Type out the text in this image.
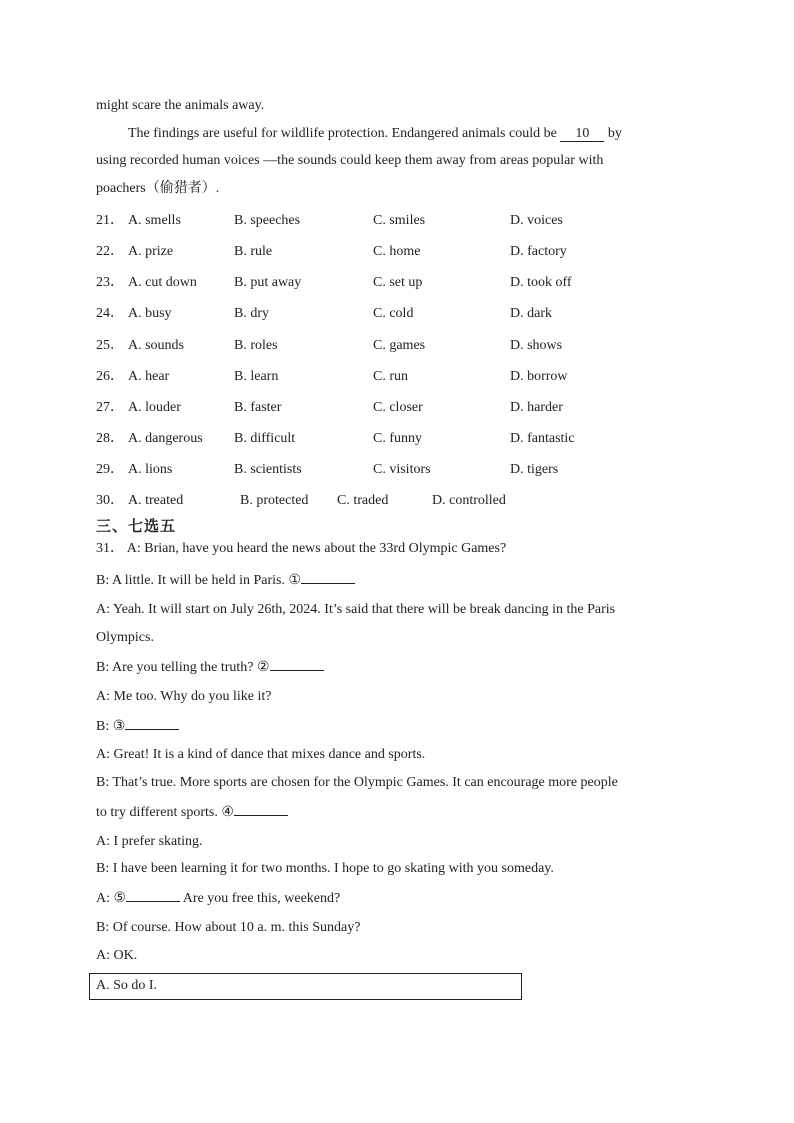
might scare the animals away.
The findings are useful for wildlife protection. Endangered animals could be 10 by
using recorded human voices —the sounds could keep them away from areas popular with
poachers（偷猎者）.
21． A. smells	B. speeches	C. smiles	D. voices
22． A. prize	B. rule	C. home	D. factory
23． A. cut down	B. put away	C. set up	D. took off
24． A. busy	B. dry	C. cold	D. dark
25． A. sounds	B. roles	C. games	D. shows
26． A. hear	B. learn	C. run	D. borrow
27． A. louder	B. faster	C. closer	D. harder
28． A. dangerous B. difficult	C. funny	D. fantastic
29． A. lions	B. scientists	C. visitors	D. tigers
30． A. treated	B. protected C. traded	D. controlled
三、七选五
31． A: Brian, have you heard the news about the 33rd Olympic Games?
B: A little. It will be held in Paris. ①
A: Yeah. It will start on July 26th, 2024. It’s said that there will be break dancing in the Paris
Olympics.
B: Are you telling the truth? ②
A: Me too. Why do you like it?
B: ③
A: Great! It is a kind of dance that mixes dance and sports.
B: That’s true. More sports are chosen for the Olympic Games. It can encourage more people
to try different sports. ④
A: I prefer skating.
B: I have been learning it for two months. I hope to go skating with you someday.
A: ⑤	Are you free this, weekend?
B: Of course. How about 10 a. m. this Sunday?
A: OK.
A. So do I.
